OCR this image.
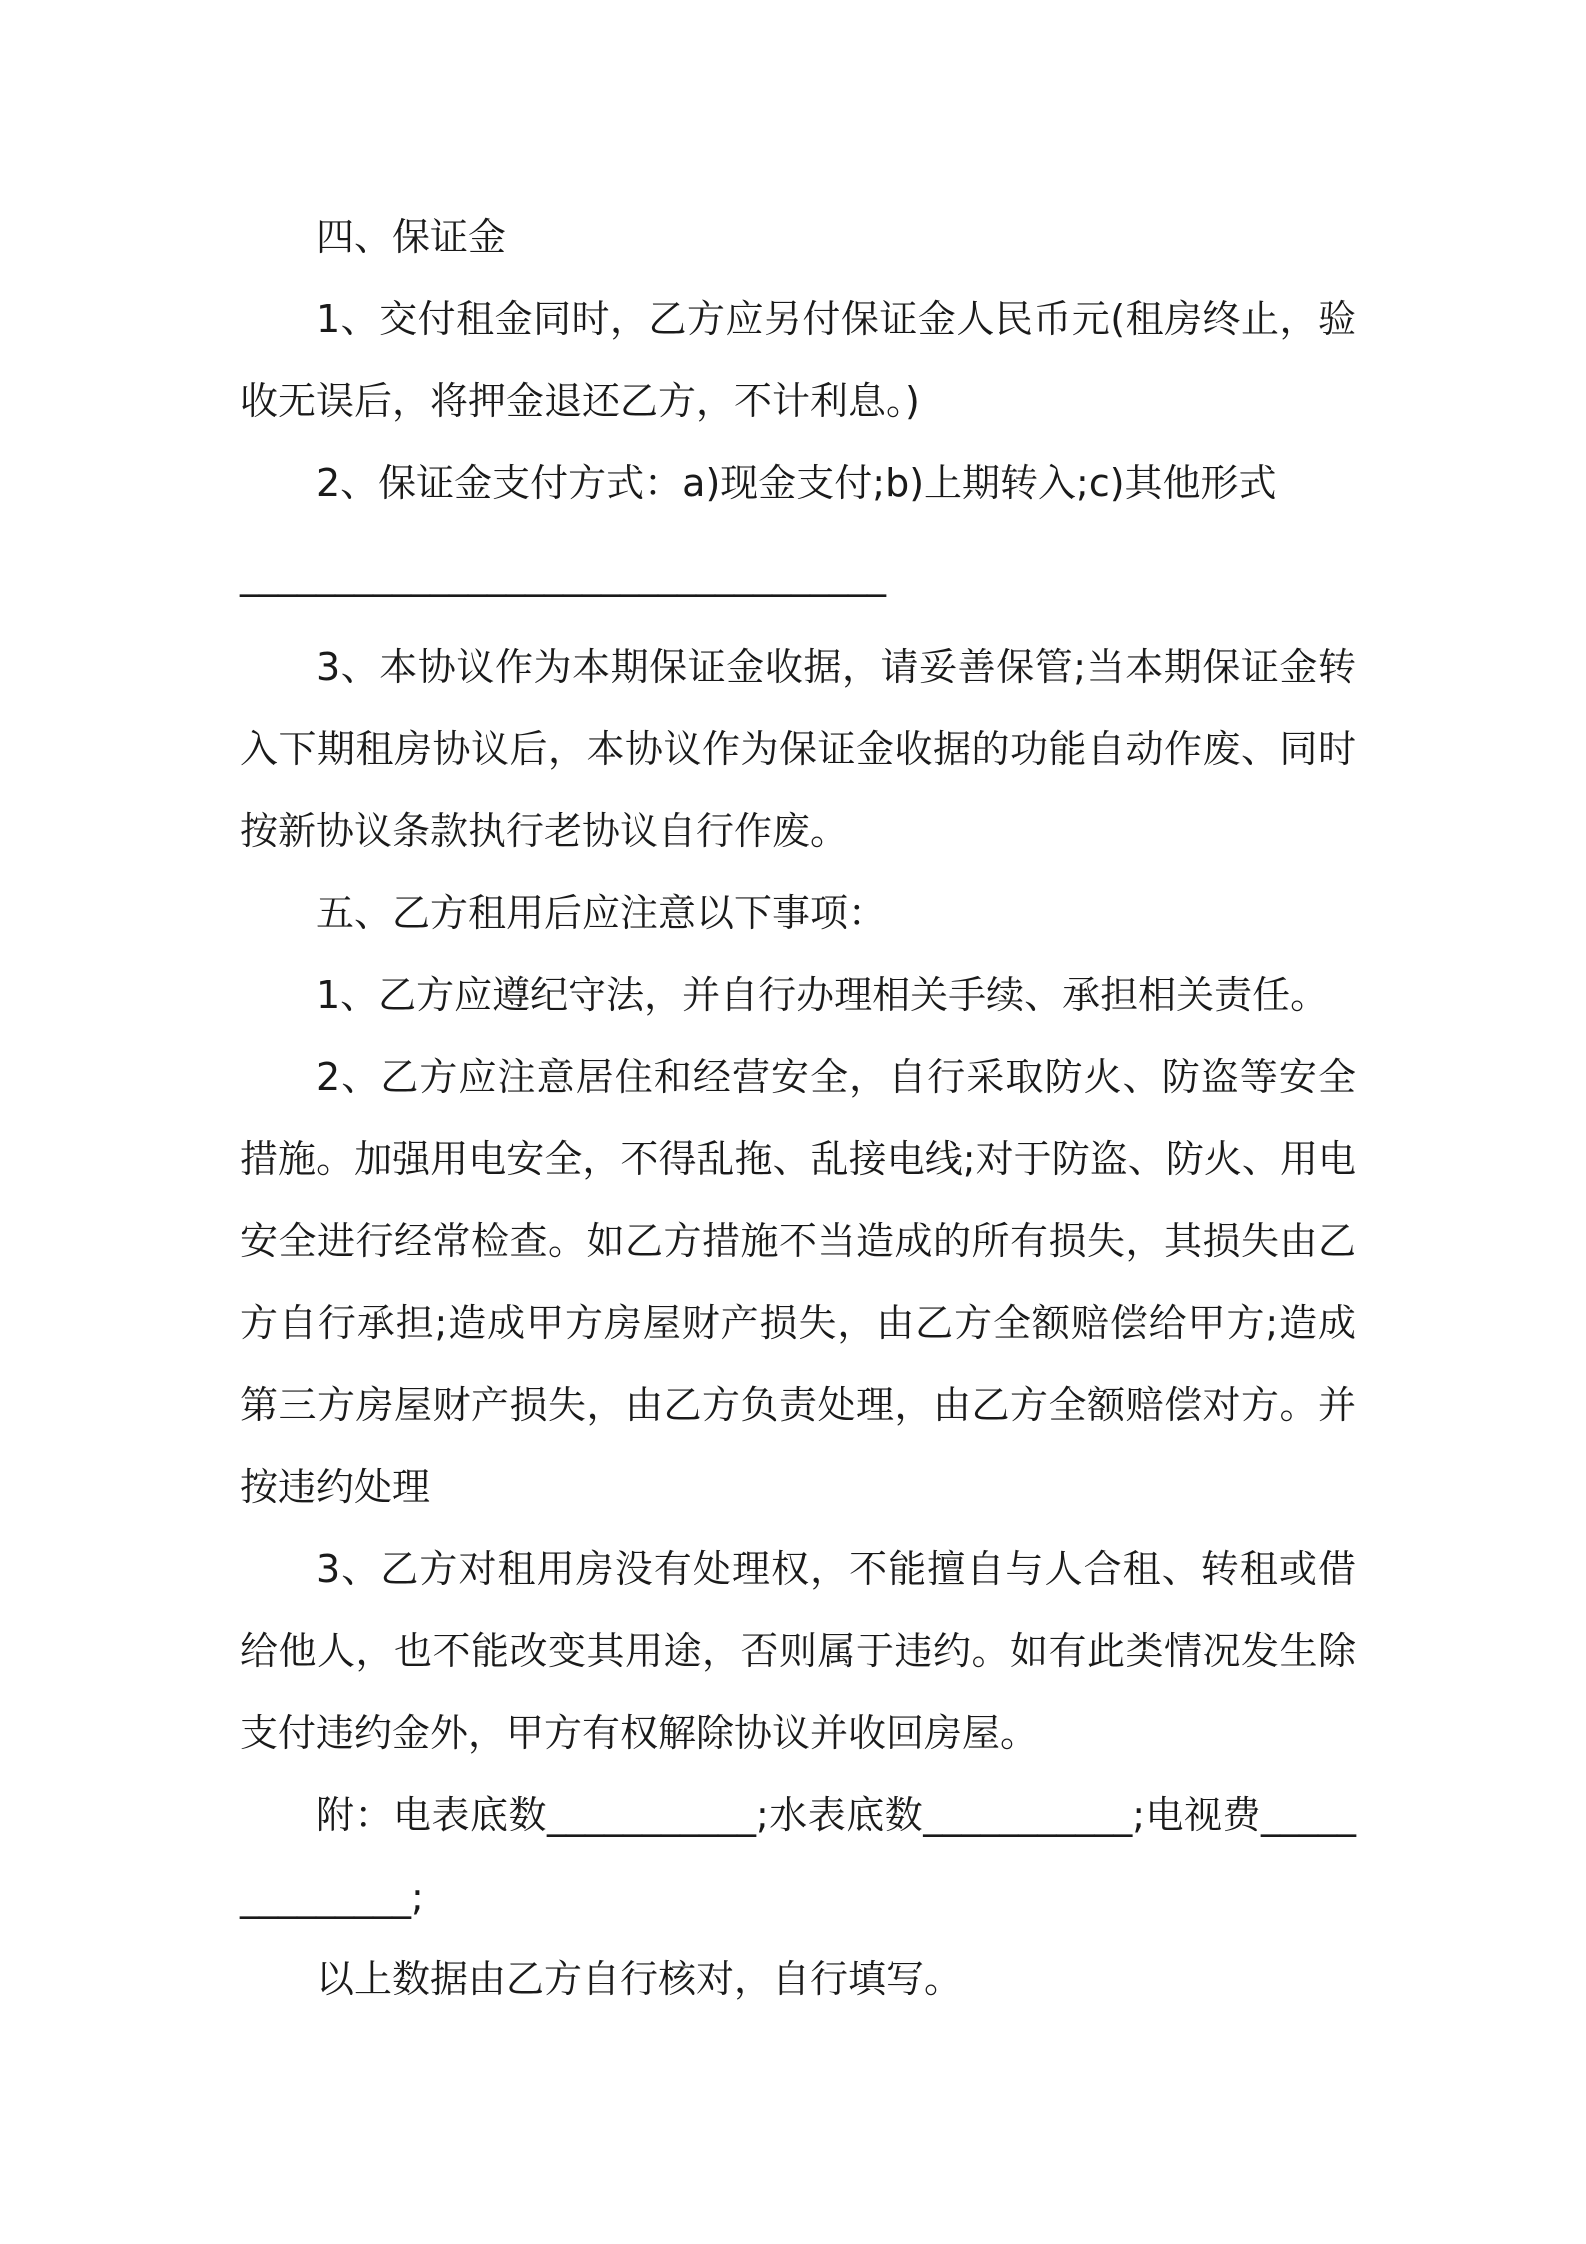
四、保证金

1、交付租金同时，乙方应另付保证金人民币元(租房终止，验收无误后，将押金退还乙方，不计利息。)

2、保证金支付方式：a)现金支付;b)上期转入;c)其他形式

__________________________________

3、本协议作为本期保证金收据，请妥善保管;当本期保证金转入下期租房协议后，本协议作为保证金收据的功能自动作废、同时按新协议条款执行老协议自行作废。

五、乙方租用后应注意以下事项：

1、乙方应遵纪守法，并自行办理相关手续、承担相关责任。

2、乙方应注意居住和经营安全，自行采取防火、防盗等安全措施。加强用电安全，不得乱拖、乱接电线;对于防盗、防火、用电安全进行经常检查。如乙方措施不当造成的所有损失，其损失由乙方自行承担;造成甲方房屋财产损失，由乙方全额赔偿给甲方;造成第三方房屋财产损失，由乙方负责处理，由乙方全额赔偿对方。并按违约处理

3、乙方对租用房没有处理权，不能擅自与人合租、转租或借给他人，也不能改变其用途，否则属于违约。如有此类情况发生除支付违约金外，甲方有权解除协议并收回房屋。

附：电表底数___________;水表底数___________;电视费______________;

以上数据由乙方自行核对，自行填写。
